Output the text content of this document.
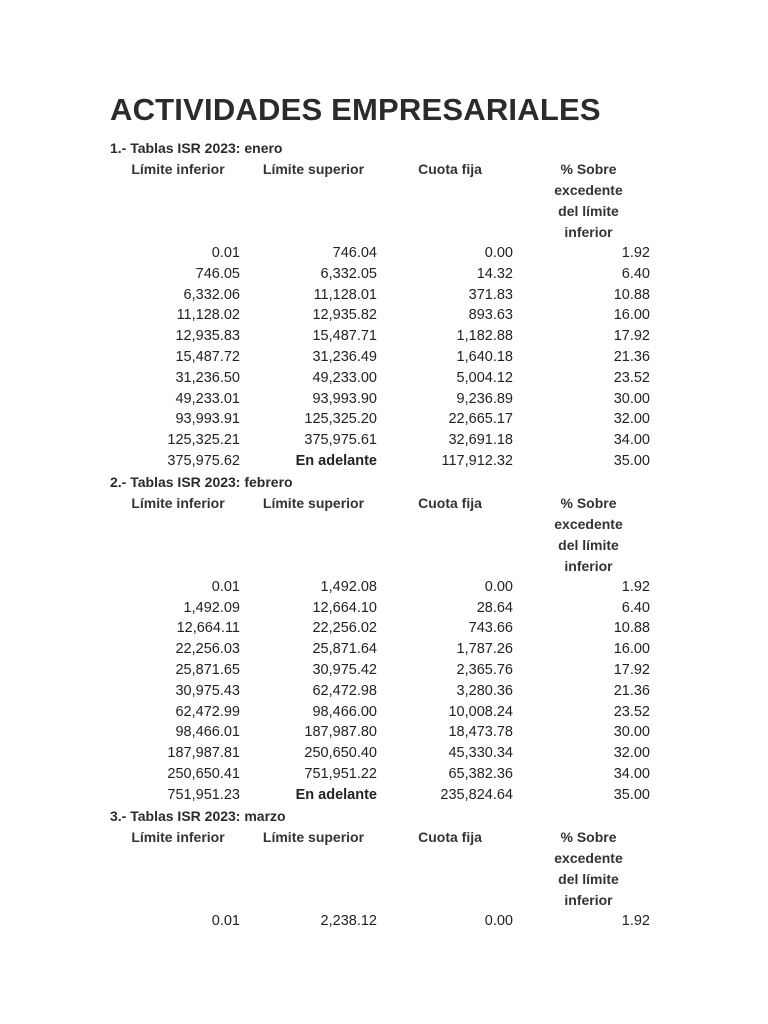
ACTIVIDADES EMPRESARIALES
1.- Tablas ISR 2023: enero
Límite inferior	Límite superior	Cuota fija	% Sobre
excedente
del límite
inferior

0.01	746.04	0.00	1.92
746.05	6,332.05	14.32	6.40
6,332.06	11,128.01	371.83	10.88
11,128.02	12,935.82	893.63	16.00
12,935.83	15,487.71	1,182.88	17.92
15,487.72	31,236.49	1,640.18	21.36
31,236.50	49,233.00	5,004.12	23.52
49,233.01	93,993.90	9,236.89	30.00
93,993.91	125,325.20	22,665.17	32.00
125,325.21	375,975.61	32,691.18	34.00
375,975.62	En adelante	117,912.32	35.00
2.- Tablas ISR 2023: febrero
Límite inferior	Límite superior	Cuota fija	% Sobre
excedente
del límite
inferior

0.01	1,492.08	0.00	1.92
1,492.09	12,664.10	28.64	6.40
12,664.11	22,256.02	743.66	10.88
22,256.03	25,871.64	1,787.26	16.00
25,871.65	30,975.42	2,365.76	17.92
30,975.43	62,472.98	3,280.36	21.36
62,472.99	98,466.00	10,008.24	23.52
98,466.01	187,987.80	18,473.78	30.00
187,987.81	250,650.40	45,330.34	32.00
250,650.41	751,951.22	65,382.36	34.00
751,951.23	En adelante	235,824.64	35.00
3.- Tablas ISR 2023: marzo
Límite inferior	Límite superior	Cuota fija	% Sobre
excedente
del límite
inferior

0.01	2,238.12	0.00	1.92
